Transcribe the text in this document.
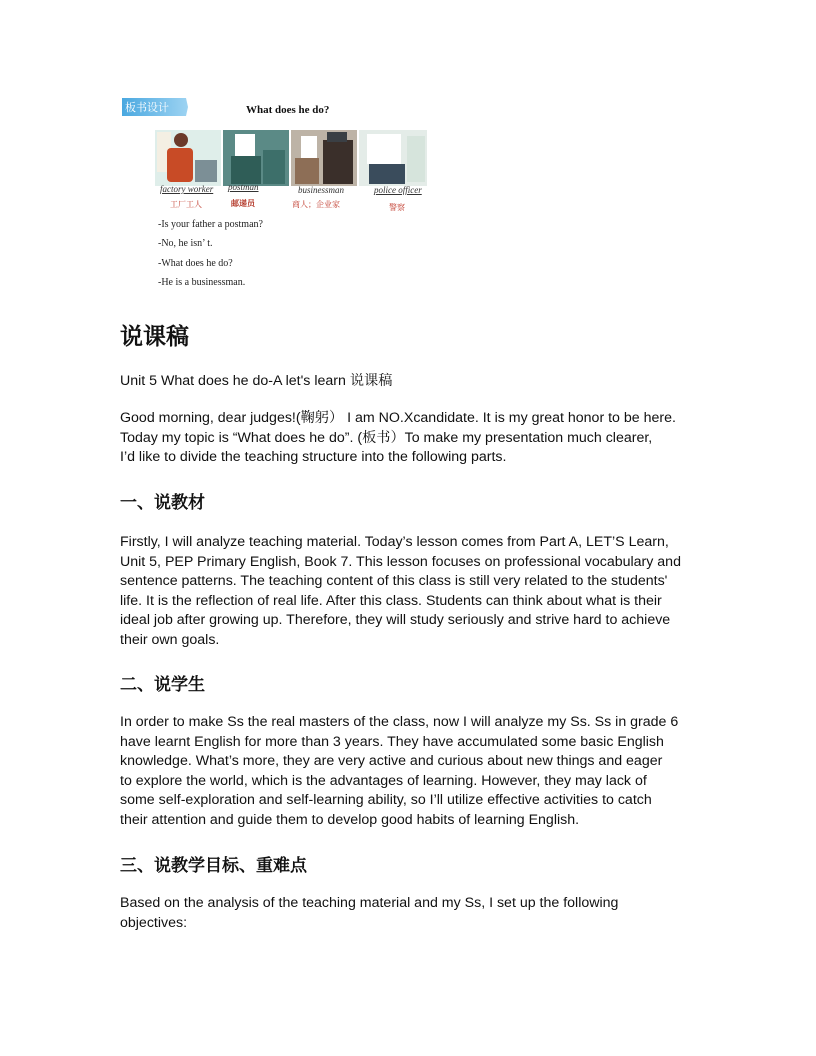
板书设计	What does he do?
factory worker postman	businessman	police officer
工厂工人	邮递员	商人；企业家	警察
-Is your father a postman?
-No, he isn’ t.
-What does he do?
-He is a businessman.
说课稿

Unit 5 What does he do-A let's learn 说课稿

Good morning, dear judges!(鞠躬） I am NO.Xcandidate. It is my great honor to be here.
Today my topic is “What does he do”. (板书）To make my presentation much clearer,
I’d like to divide the teaching structure into the following parts.

一、说教材

Firstly, I will analyze teaching material. Today’s lesson comes from Part A, LET’S Learn,
Unit 5, PEP Primary English, Book 7. This lesson focuses on professional vocabulary and
sentence patterns. The teaching content of this class is still very related to the students'
life. It is the reflection of real life. After this class. Students can think about what is their
ideal job after growing up. Therefore, they will study seriously and strive hard to achieve
their own goals.

二、说学生

In order to make Ss the real masters of the class, now I will analyze my Ss. Ss in grade 6
have learnt English for more than 3 years. They have accumulated some basic English
knowledge. What’s more, they are very active and curious about new things and eager
to explore the world, which is the advantages of learning. However, they may lack of
some self-exploration and self-learning ability, so I’ll utilize effective activities to catch
their attention and guide them to develop good habits of learning English.

三、说教学目标、重难点

Based on the analysis of the teaching material and my Ss, I set up the following
objectives:
